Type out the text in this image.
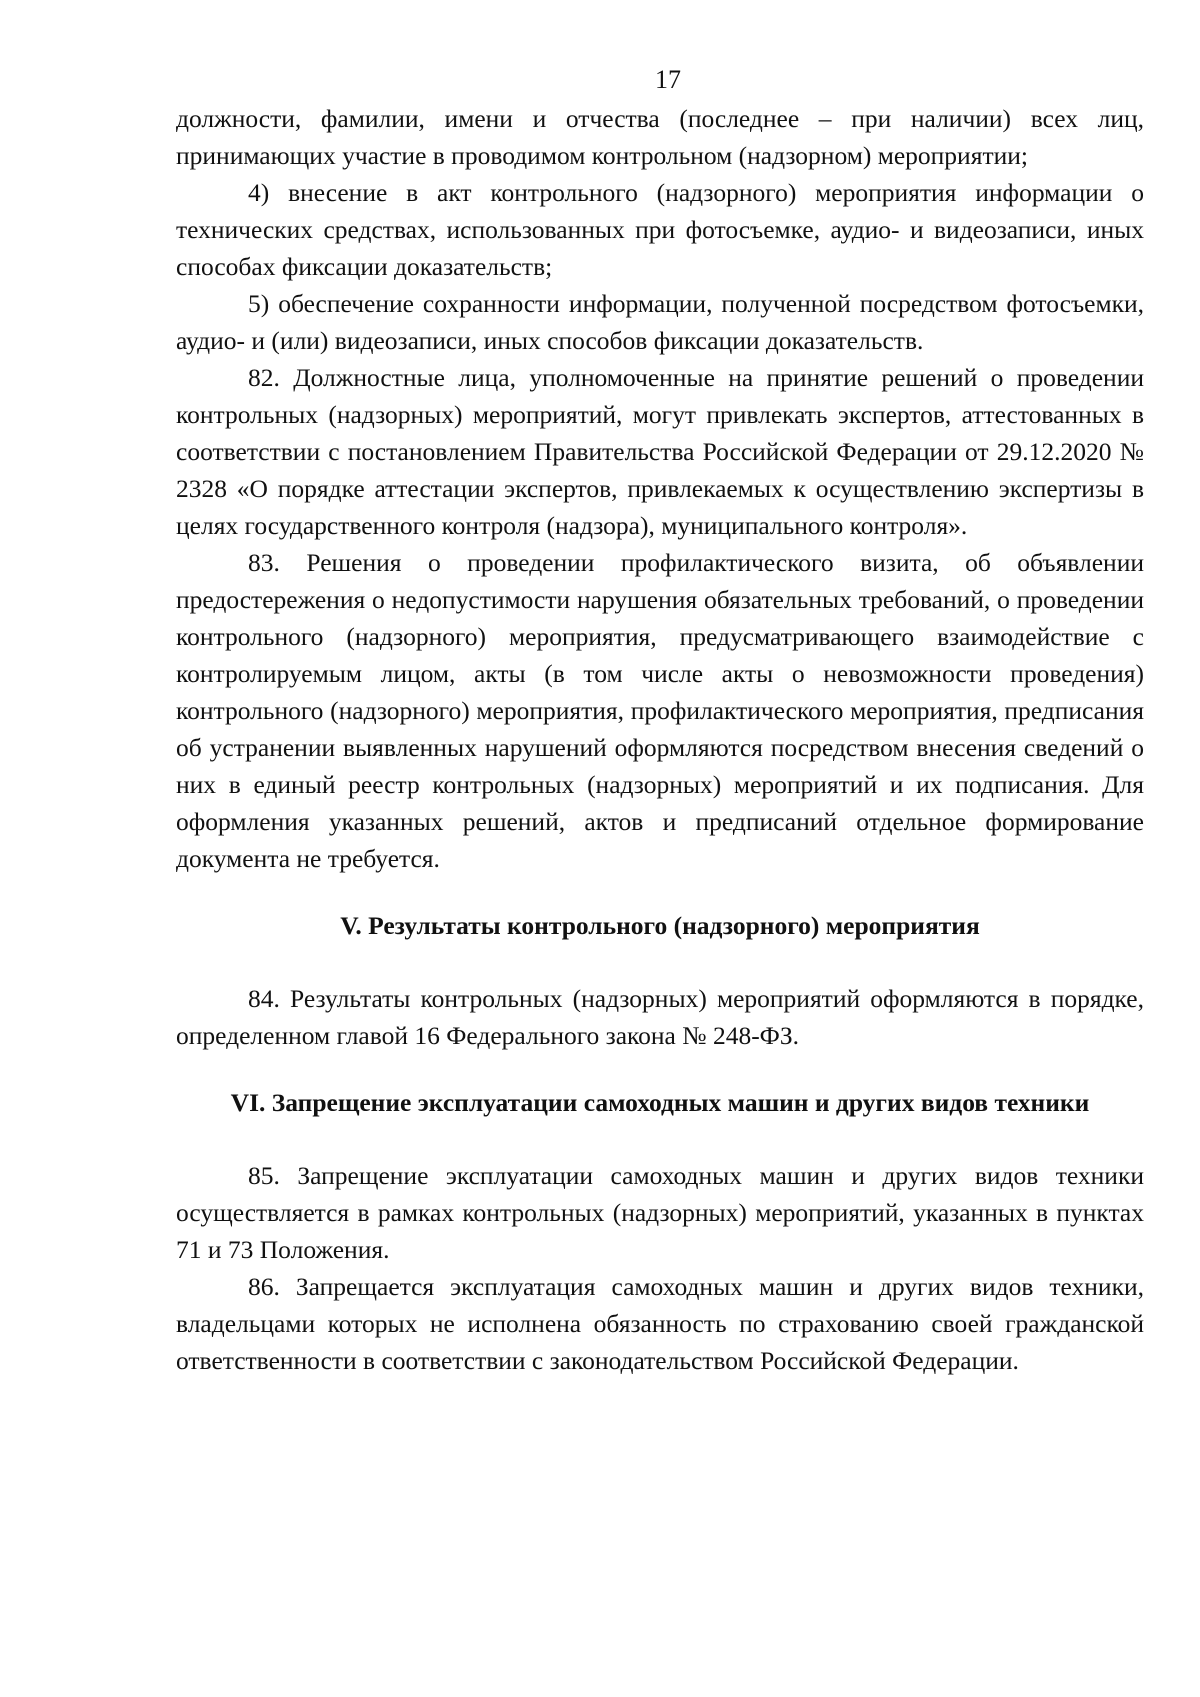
17

должности, фамилии, имени и отчества (последнее – при наличии) всех лиц, принимающих участие в проводимом контрольном (надзорном) мероприятии;

4) внесение в акт контрольного (надзорного) мероприятия информации о технических средствах, использованных при фотосъемке, аудио- и видеозаписи, иных способах фиксации доказательств;

5) обеспечение сохранности информации, полученной посредством фотосъемки, аудио- и (или) видеозаписи, иных способов фиксации доказательств.

82. Должностные лица, уполномоченные на принятие решений о проведении контрольных (надзорных) мероприятий, могут привлекать экспертов, аттестованных в соответствии с постановлением Правительства Российской Федерации от 29.12.2020 № 2328 «О порядке аттестации экспертов, привлекаемых к осуществлению экспертизы в целях государственного контроля (надзора), муниципального контроля».

83. Решения о проведении профилактического визита, об объявлении предостережения о недопустимости нарушения обязательных требований, о проведении контрольного (надзорного) мероприятия, предусматривающего взаимодействие с контролируемым лицом, акты (в том числе акты о невозможности проведения) контрольного (надзорного) мероприятия, профилактического мероприятия, предписания об устранении выявленных нарушений оформляются посредством внесения сведений о них в единый реестр контрольных (надзорных) мероприятий и их подписания. Для оформления указанных решений, актов и предписаний отдельное формирование документа не требуется.

V. Результаты контрольного (надзорного) мероприятия

84. Результаты контрольных (надзорных) мероприятий оформляются в порядке, определенном главой 16 Федерального закона № 248-ФЗ.

VI. Запрещение эксплуатации самоходных машин и других видов техники

85. Запрещение эксплуатации самоходных машин и других видов техники осуществляется в рамках контрольных (надзорных) мероприятий, указанных в пунктах 71 и 73 Положения.

86. Запрещается эксплуатация самоходных машин и других видов техники, владельцами которых не исполнена обязанность по страхованию своей гражданской ответственности в соответствии с законодательством Российской Федерации.
